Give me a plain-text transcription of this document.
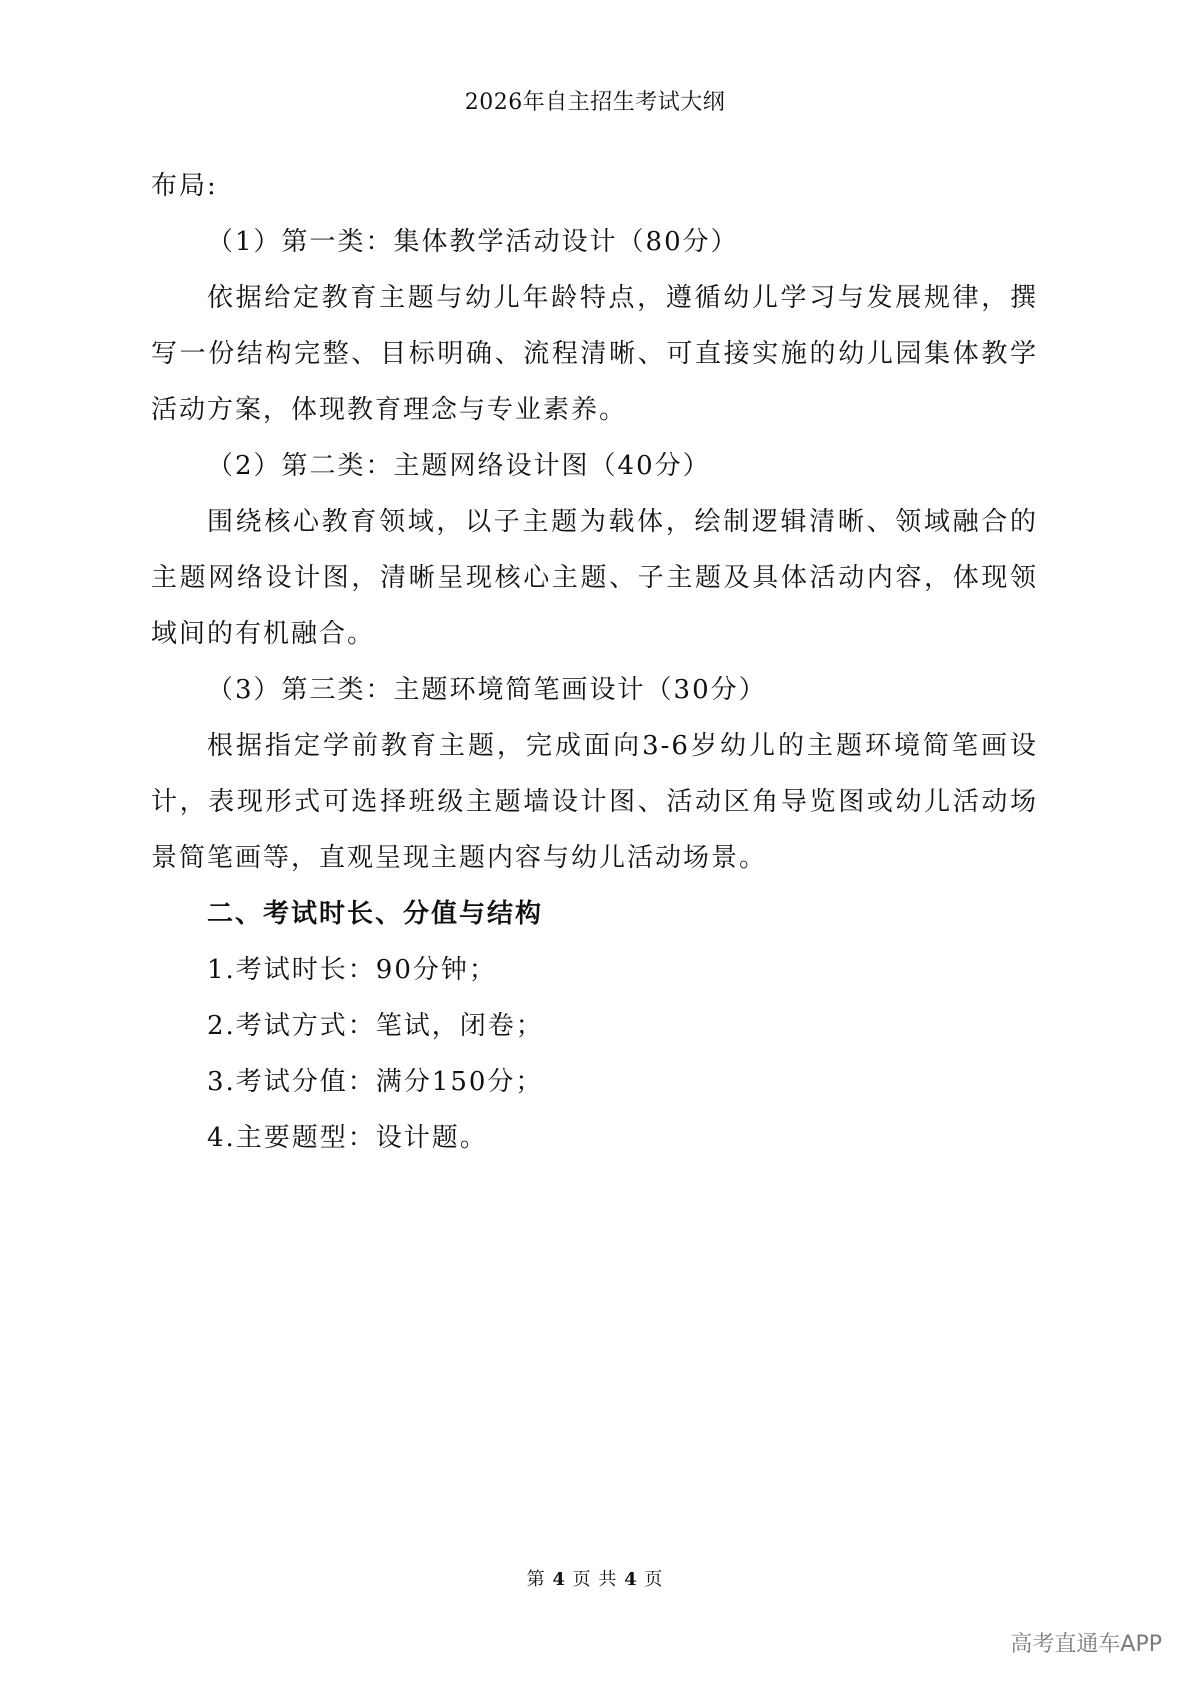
2026年自主招生考试大纲

布局:

（1）第一类：集体教学活动设计（80分）

依据给定教育主题与幼儿年龄特点，遵循幼儿学习与发展规律，撰写一份结构完整、目标明确、流程清晰、可直接实施的幼儿园集体教学活动方案，体现教育理念与专业素养。

（2）第二类：主题网络设计图（40分）

围绕核心教育领域，以子主题为载体，绘制逻辑清晰、领域融合的主题网络设计图，清晰呈现核心主题、子主题及具体活动内容，体现领域间的有机融合。

（3）第三类：主题环境简笔画设计（30分）

根据指定学前教育主题，完成面向3-6岁幼儿的主题环境简笔画设计，表现形式可选择班级主题墙设计图、活动区角导览图或幼儿活动场景简笔画等，直观呈现主题内容与幼儿活动场景。

二、考试时长、分值与结构

1.考试时长：90分钟；

2.考试方式：笔试，闭卷；

3.考试分值：满分150分；

4.主要题型：设计题。

第 4 页 共 4 页
高考直通车APP
